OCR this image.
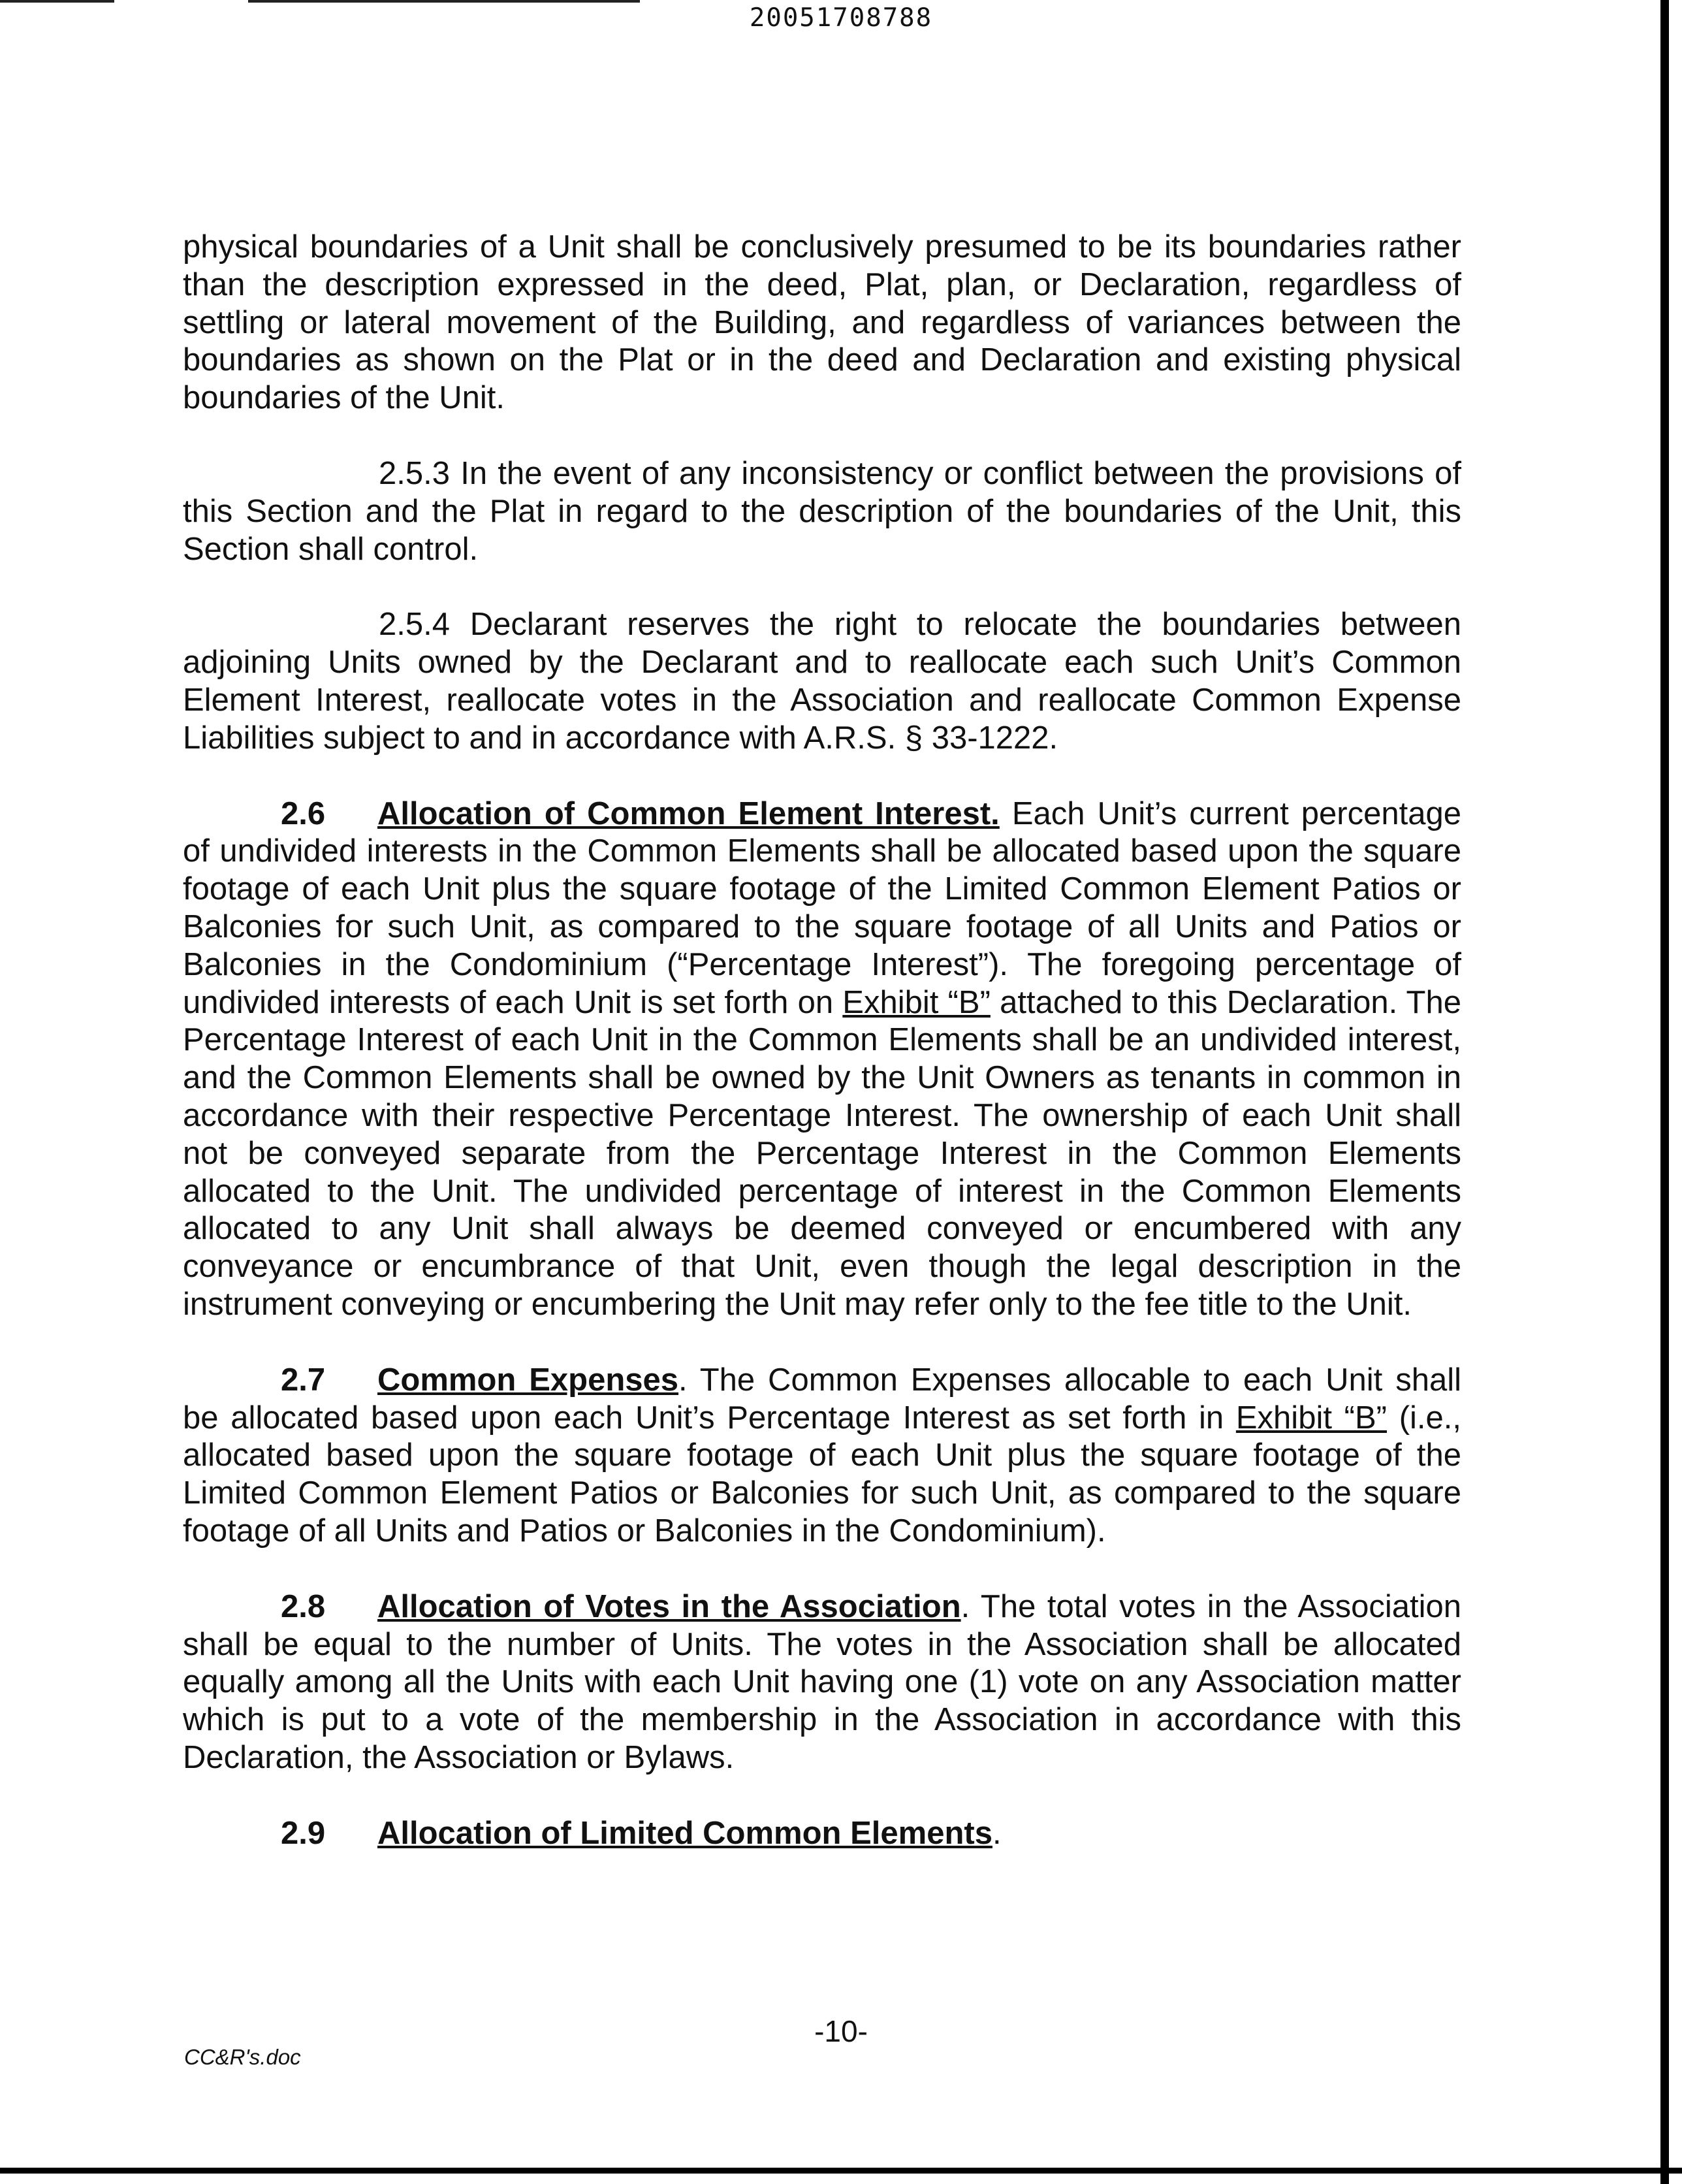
20051708788

physical boundaries of a Unit shall be conclusively presumed to be its boundaries rather than the description expressed in the deed, Plat, plan, or Declaration, regardless of settling or lateral movement of the Building, and regardless of variances between the boundaries as shown on the Plat or in the deed and Declaration and existing physical boundaries of the Unit.

2.5.3 In the event of any inconsistency or conflict between the provisions of this Section and the Plat in regard to the description of the boundaries of the Unit, this Section shall control.

2.5.4 Declarant reserves the right to relocate the boundaries between adjoining Units owned by the Declarant and to reallocate each such Unit’s Common Element Interest, reallocate votes in the Association and reallocate Common Expense Liabilities subject to and in accordance with A.R.S. § 33-1222.

2.6 Allocation of Common Element Interest. Each Unit’s current percentage of undivided interests in the Common Elements shall be allocated based upon the square footage of each Unit plus the square footage of the Limited Common Element Patios or Balconies for such Unit, as compared to the square footage of all Units and Patios or Balconies in the Condominium (“Percentage Interest”). The foregoing percentage of undivided interests of each Unit is set forth on Exhibit “B” attached to this Declaration. The Percentage Interest of each Unit in the Common Elements shall be an undivided interest, and the Common Elements shall be owned by the Unit Owners as tenants in common in accordance with their respective Percentage Interest. The ownership of each Unit shall not be conveyed separate from the Percentage Interest in the Common Elements allocated to the Unit. The undivided percentage of interest in the Common Elements allocated to any Unit shall always be deemed conveyed or encumbered with any conveyance or encumbrance of that Unit, even though the legal description in the instrument conveying or encumbering the Unit may refer only to the fee title to the Unit.

2.7 Common Expenses. The Common Expenses allocable to each Unit shall be allocated based upon each Unit’s Percentage Interest as set forth in Exhibit “B” (i.e., allocated based upon the square footage of each Unit plus the square footage of the Limited Common Element Patios or Balconies for such Unit, as compared to the square footage of all Units and Patios or Balconies in the Condominium).

2.8 Allocation of Votes in the Association. The total votes in the Association shall be equal to the number of Units. The votes in the Association shall be allocated equally among all the Units with each Unit having one (1) vote on any Association matter which is put to a vote of the membership in the Association in accordance with this Declaration, the Association or Bylaws.

2.9 Allocation of Limited Common Elements.

-10-
CC&R's.doc
